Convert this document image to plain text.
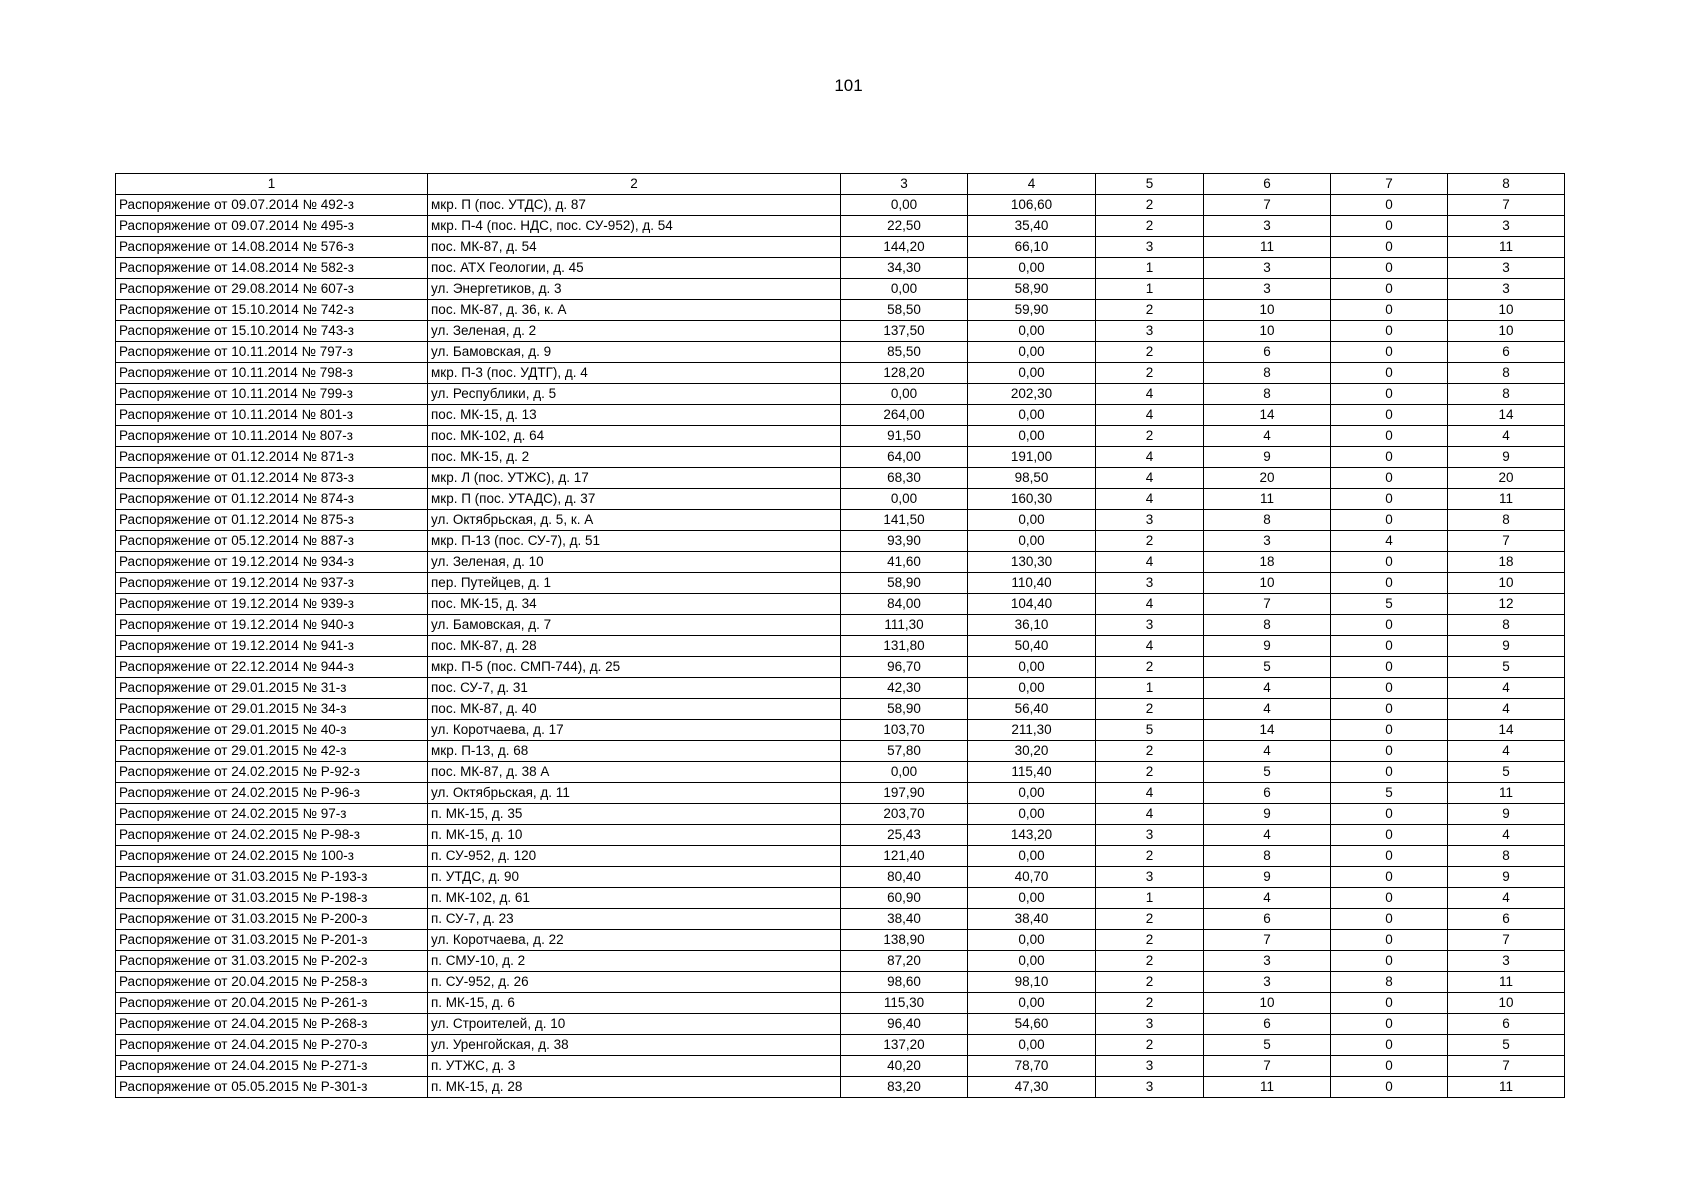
101
1	2	3	4	5	6	7	8
Распоряжение от 09.07.2014 № 492-з	мкр. П (пос. УТДС), д. 87	0,00	106,60	2	7	0	7
Распоряжение от 09.07.2014 № 495-з	мкр. П-4 (пос. НДС, пос. СУ-952), д. 54	22,50	35,40	2	3	0	3
Распоряжение от 14.08.2014 № 576-з	пос. МК-87, д. 54	144,20	66,10	3	11	0	11
Распоряжение от 14.08.2014 № 582-з	пос. АТХ Геологии, д. 45	34,30	0,00	1	3	0	3
Распоряжение от 29.08.2014 № 607-з	ул. Энергетиков, д. 3	0,00	58,90	1	3	0	3
Распоряжение от 15.10.2014 № 742-з	пос. МК-87, д. 36, к. А	58,50	59,90	2	10	0	10
Распоряжение от 15.10.2014 № 743-з	ул. Зеленая, д. 2	137,50	0,00	3	10	0	10
Распоряжение от 10.11.2014 № 797-з	ул. Бамовская, д. 9	85,50	0,00	2	6	0	6
Распоряжение от 10.11.2014 № 798-з	мкр. П-3 (пос. УДТГ), д. 4	128,20	0,00	2	8	0	8
Распоряжение от 10.11.2014 № 799-з	ул. Республики, д. 5	0,00	202,30	4	8	0	8
Распоряжение от 10.11.2014 № 801-з	пос. МК-15, д. 13	264,00	0,00	4	14	0	14
Распоряжение от 10.11.2014 № 807-з	пос. МК-102, д. 64	91,50	0,00	2	4	0	4
Распоряжение от 01.12.2014 № 871-з	пос. МК-15, д. 2	64,00	191,00	4	9	0	9
Распоряжение от 01.12.2014 № 873-з	мкр. Л (пос. УТЖС), д. 17	68,30	98,50	4	20	0	20
Распоряжение от 01.12.2014 № 874-з	мкр. П (пос. УТАДС), д. 37	0,00	160,30	4	11	0	11
Распоряжение от 01.12.2014 № 875-з	ул. Октябрьская, д. 5, к. А	141,50	0,00	3	8	0	8
Распоряжение от 05.12.2014 № 887-з	мкр. П-13 (пос. СУ-7), д. 51	93,90	0,00	2	3	4	7
Распоряжение от 19.12.2014 № 934-з	ул. Зеленая, д. 10	41,60	130,30	4	18	0	18
Распоряжение от 19.12.2014 № 937-з	пер. Путейцев, д. 1	58,90	110,40	3	10	0	10
Распоряжение от 19.12.2014 № 939-з	пос. МК-15, д. 34	84,00	104,40	4	7	5	12
Распоряжение от 19.12.2014 № 940-з	ул. Бамовская, д. 7	111,30	36,10	3	8	0	8
Распоряжение от 19.12.2014 № 941-з	пос. МК-87, д. 28	131,80	50,40	4	9	0	9
Распоряжение от 22.12.2014 № 944-з	мкр. П-5 (пос. СМП-744), д. 25	96,70	0,00	2	5	0	5
Распоряжение от 29.01.2015 № 31-з	пос. СУ-7, д. 31	42,30	0,00	1	4	0	4
Распоряжение от 29.01.2015 № 34-з	пос. МК-87, д. 40	58,90	56,40	2	4	0	4
Распоряжение от 29.01.2015 № 40-з	ул. Коротчаева, д. 17	103,70	211,30	5	14	0	14
Распоряжение от 29.01.2015 № 42-з	мкр. П-13, д. 68	57,80	30,20	2	4	0	4
Распоряжение от 24.02.2015 № Р-92-з	пос. МК-87, д. 38 А	0,00	115,40	2	5	0	5
Распоряжение от 24.02.2015 № Р-96-з	ул. Октябрьская, д. 11	197,90	0,00	4	6	5	11
Распоряжение от 24.02.2015 № 97-з	п. МК-15, д. 35	203,70	0,00	4	9	0	9
Распоряжение от 24.02.2015 № Р-98-з	п. МК-15, д. 10	25,43	143,20	3	4	0	4
Распоряжение от 24.02.2015 № 100-з	п. СУ-952, д. 120	121,40	0,00	2	8	0	8
Распоряжение от 31.03.2015 № Р-193-з	п. УТДС, д. 90	80,40	40,70	3	9	0	9
Распоряжение от 31.03.2015 № Р-198-з	п. МК-102, д. 61	60,90	0,00	1	4	0	4
Распоряжение от 31.03.2015 № Р-200-з	п. СУ-7, д. 23	38,40	38,40	2	6	0	6
Распоряжение от 31.03.2015 № Р-201-з	ул. Коротчаева, д. 22	138,90	0,00	2	7	0	7
Распоряжение от 31.03.2015 № Р-202-з	п. СМУ-10, д. 2	87,20	0,00	2	3	0	3
Распоряжение от 20.04.2015 № Р-258-з	п. СУ-952, д. 26	98,60	98,10	2	3	8	11
Распоряжение от 20.04.2015 № Р-261-з	п. МК-15, д. 6	115,30	0,00	2	10	0	10
Распоряжение от 24.04.2015 № Р-268-з	ул. Строителей, д. 10	96,40	54,60	3	6	0	6
Распоряжение от 24.04.2015 № Р-270-з	ул. Уренгойская, д. 38	137,20	0,00	2	5	0	5
Распоряжение от 24.04.2015 № Р-271-з	п. УТЖС, д. 3	40,20	78,70	3	7	0	7
Распоряжение от 05.05.2015 № Р-301-з	п. МК-15, д. 28	83,20	47,30	3	11	0	11
